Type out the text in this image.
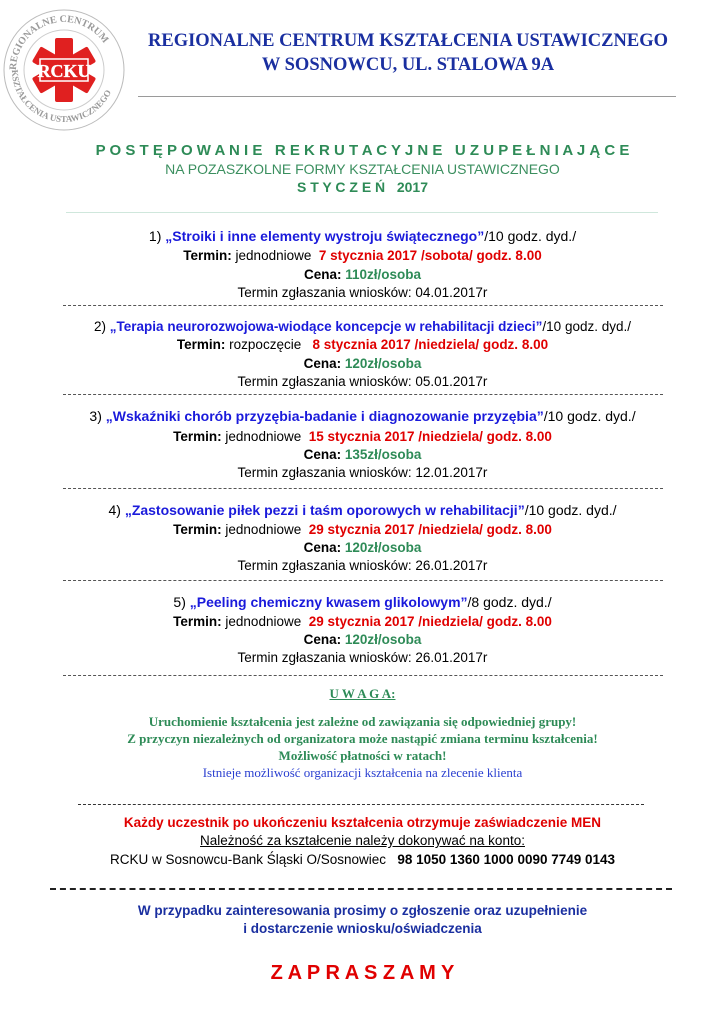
REGIONALNE CENTRUM
KSZTAŁCENIA USTAWICZNEGO
RCKU
REGIONALNE CENTRUM KSZTAŁCENIA USTAWICZNEGO
W SOSNOWCU, UL. STALOWA 9A
P O S T Ę P O W A N I E   R E K R U T A C Y J N E   U Z U P E Ł N I A J Ą C E
NA POZASZKOLNE FORMY KSZTAŁCENIA USTAWICZNEGO
S T Y C Z E Ń   2017
1) „Stroiki i inne elementy wystroju świątecznego”/10 godz. dyd./
Termin: jednodniowe 7 stycznia 2017 /sobota/ godz. 8.00
Cena: 110zł/osoba
Termin zgłaszania wniosków: 04.01.2017r
2) „Terapia neurorozwojowa-wiodące koncepcje w rehabilitacji dzieci”/10 godz. dyd./
Termin: rozpoczęcie 8 stycznia 2017 /niedziela/ godz. 8.00
Cena: 120zł/osoba
Termin zgłaszania wniosków: 05.01.2017r
3) „Wskaźniki chorób przyzębia-badanie i diagnozowanie przyzębia”/10 godz. dyd./
Termin: jednodniowe 15 stycznia 2017 /niedziela/ godz. 8.00
Cena: 135zł/osoba
Termin zgłaszania wniosków: 12.01.2017r
4) „Zastosowanie piłek pezzi i taśm oporowych w rehabilitacji”/10 godz. dyd./
Termin: jednodniowe 29 stycznia 2017 /niedziela/ godz. 8.00
Cena: 120zł/osoba
Termin zgłaszania wniosków: 26.01.2017r
5) „Peeling chemiczny kwasem glikolowym”/8 godz. dyd./
Termin: jednodniowe 29 stycznia 2017 /niedziela/ godz. 8.00
Cena: 120zł/osoba
Termin zgłaszania wniosków: 26.01.2017r
U W A G A:
Uruchomienie kształcenia jest zależne od zawiązania się odpowiedniej grupy!
Z przyczyn niezależnych od organizatora może nastąpić zmiana terminu kształcenia!
Możliwość płatności w ratach!
Istnieje możliwość organizacji kształcenia na zlecenie klienta
Każdy uczestnik po ukończeniu kształcenia otrzymuje zaświadczenie MEN
Należność za kształcenie należy dokonywać na konto:
RCKU w Sosnowcu-Bank Śląski O/Sosnowiec 98 1050 1360 1000 0090 7749 0143
W przypadku zainteresowania prosimy o zgłoszenie oraz uzupełnienie
i dostarczenie wniosku/oświadczenia
Z A P R A S Z A M Y
